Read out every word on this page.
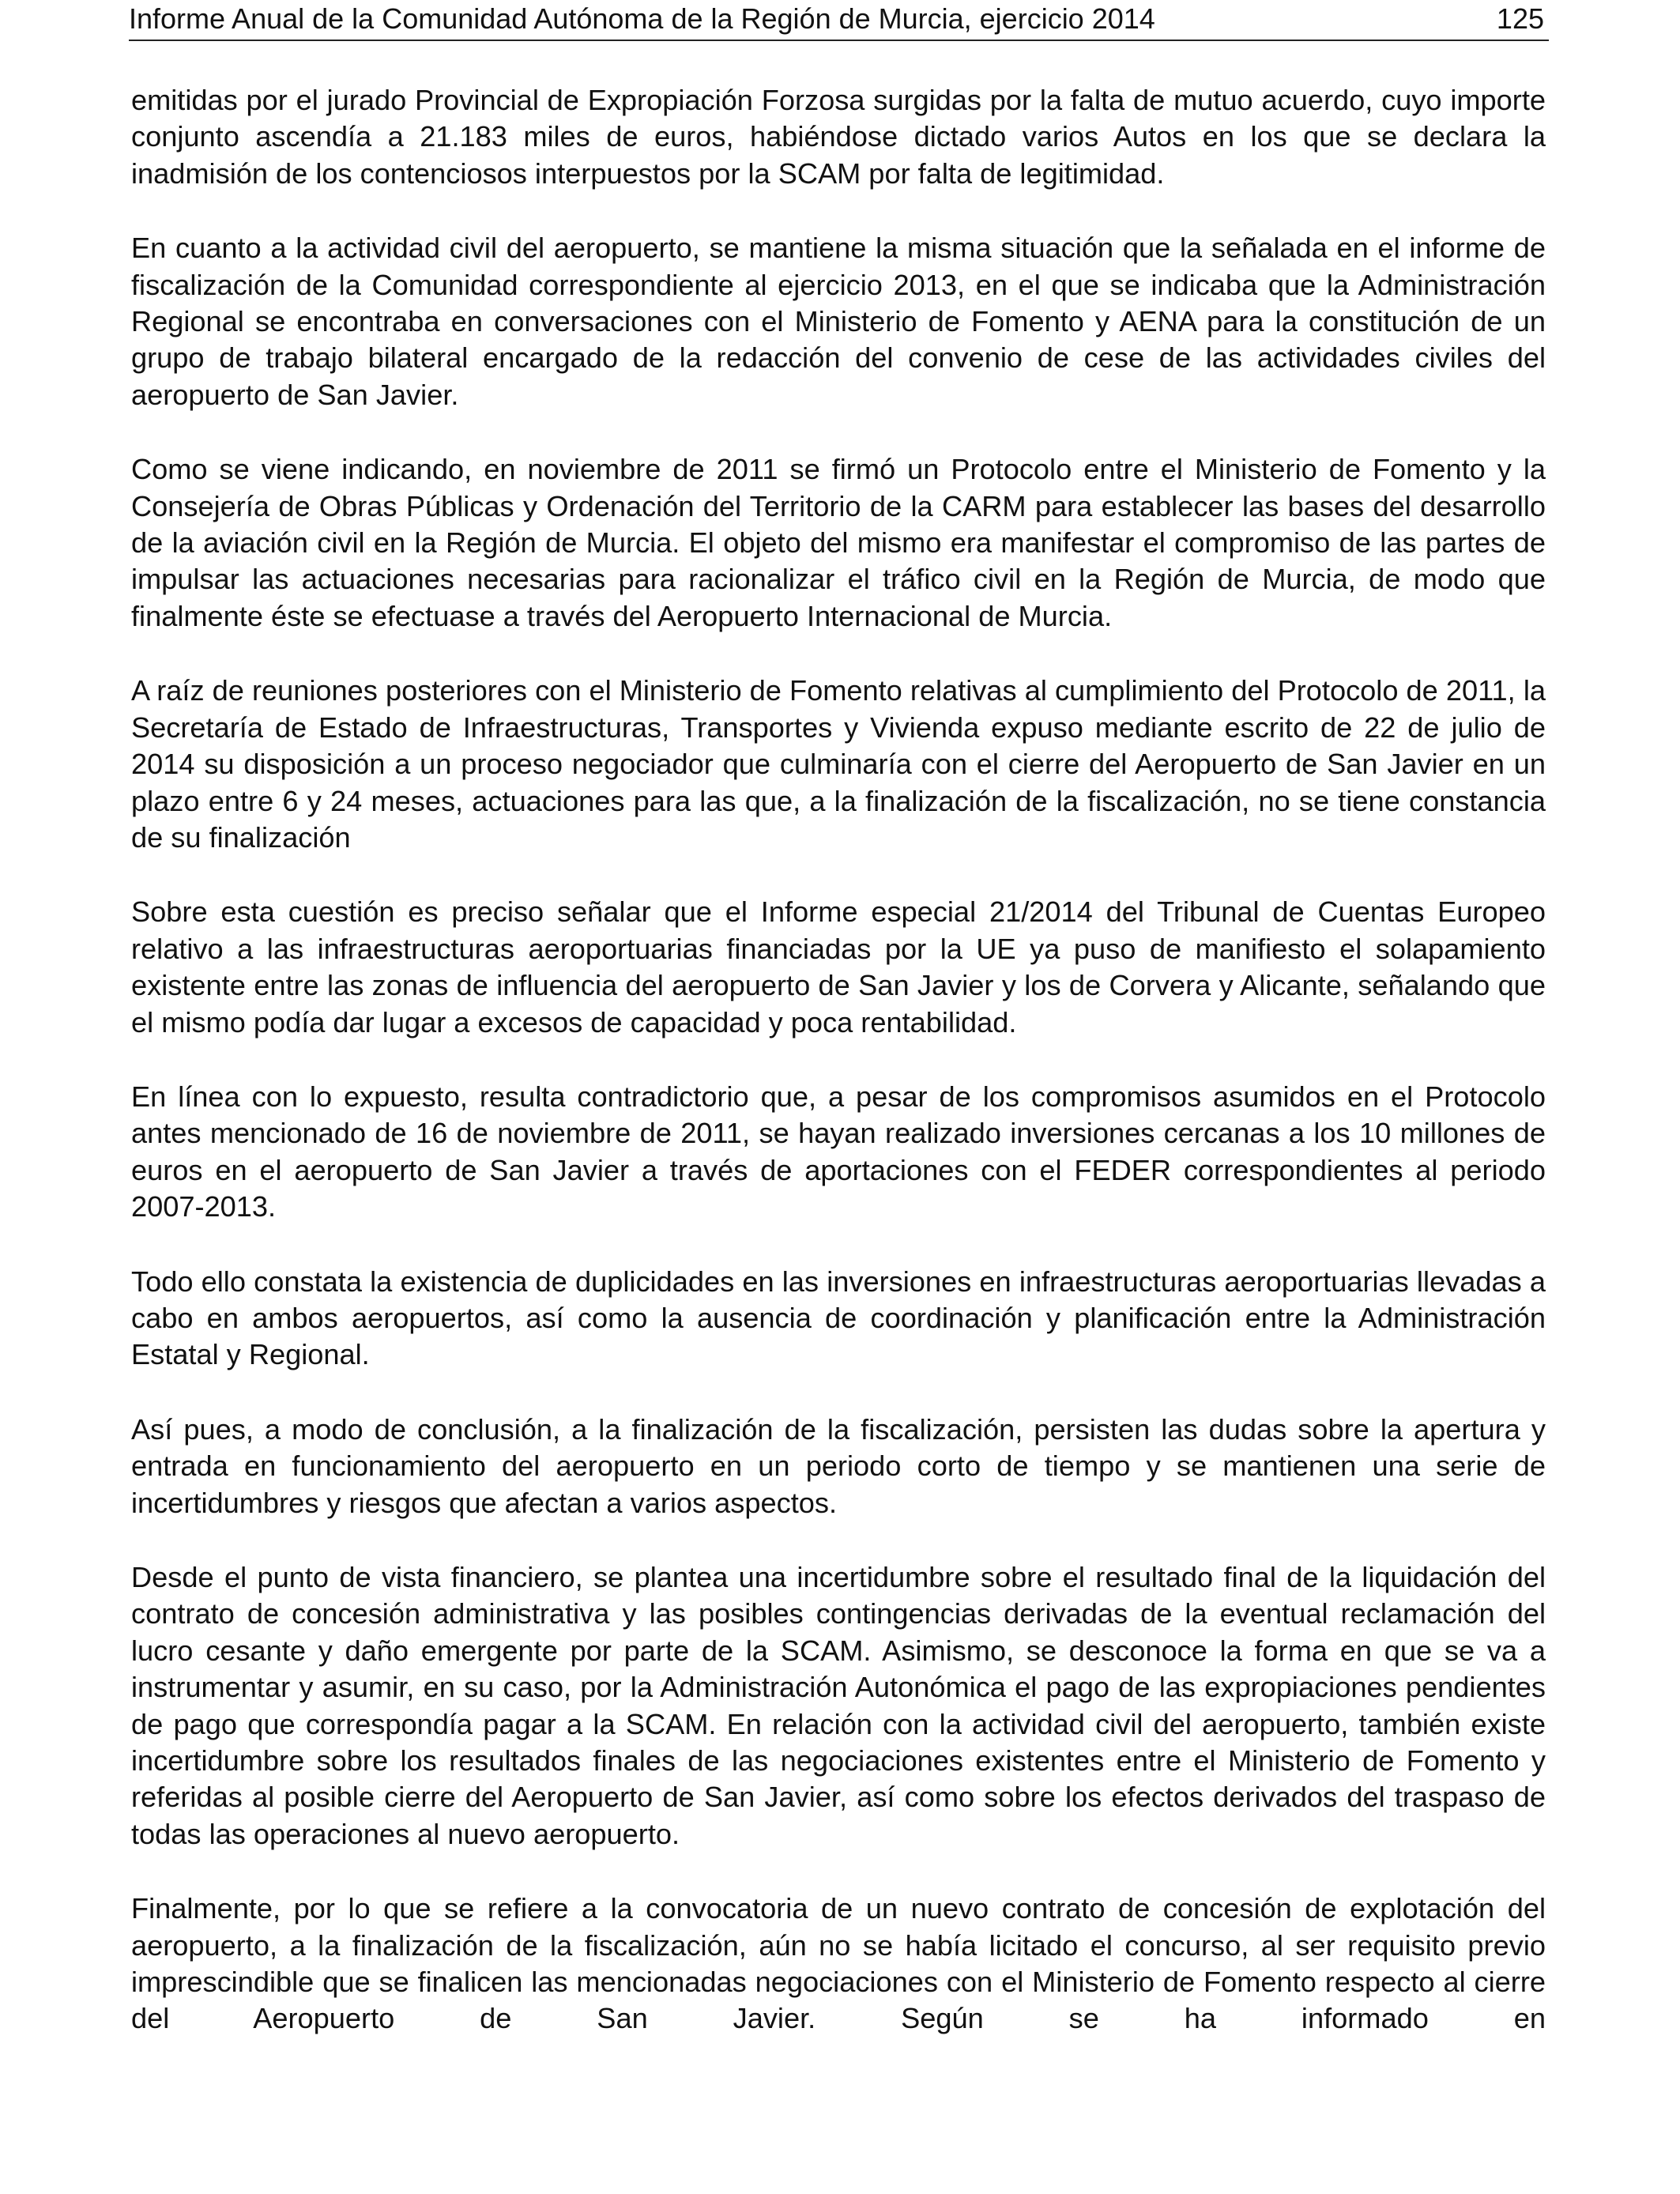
Informe Anual de la Comunidad Autónoma de la Región de Murcia, ejercicio 2014	125

emitidas por el jurado Provincial de Expropiación Forzosa surgidas por la falta de mutuo acuerdo, cuyo importe conjunto ascendía a 21.183 miles de euros, habiéndose dictado varios Autos en los que se declara la inadmisión de los contenciosos interpuestos por la SCAM por falta de legitimidad.

En cuanto a la actividad civil del aeropuerto, se mantiene la misma situación que la señalada en el informe de fiscalización de la Comunidad correspondiente al ejercicio 2013, en el que se indicaba que la Administración Regional se encontraba en conversaciones con el Ministerio de Fomento y AENA para la constitución de un grupo de trabajo bilateral encargado de la redacción del convenio de cese de las actividades civiles del aeropuerto de San Javier.

Como se viene indicando, en noviembre de 2011 se firmó un Protocolo entre el Ministerio de Fomento y la Consejería de Obras Públicas y Ordenación del Territorio de la CARM para establecer las bases del desarrollo de la aviación civil en la Región de Murcia. El objeto del mismo era manifestar el compromiso de las partes de impulsar las actuaciones necesarias para racionalizar el tráfico civil en la Región de Murcia, de modo que finalmente éste se efectuase a través del Aeropuerto Internacional de Murcia.

A raíz de reuniones posteriores con el Ministerio de Fomento relativas al cumplimiento del Protocolo de 2011, la Secretaría de Estado de Infraestructuras, Transportes y Vivienda expuso mediante escrito de 22 de julio de 2014 su disposición a un proceso negociador que culminaría con el cierre del Aeropuerto de San Javier en un plazo entre 6 y 24 meses, actuaciones para las que, a la finalización de la fiscalización, no se tiene constancia de su finalización

Sobre esta cuestión es preciso señalar que el Informe especial 21/2014 del Tribunal de Cuentas Europeo relativo a las infraestructuras aeroportuarias financiadas por la UE ya puso de manifiesto el solapamiento existente entre las zonas de influencia del aeropuerto de San Javier y los de Corvera y Alicante, señalando que el mismo podía dar lugar a excesos de capacidad y poca rentabilidad.

En línea con lo expuesto, resulta contradictorio que, a pesar de los compromisos asumidos en el Protocolo antes mencionado de 16 de noviembre de 2011, se hayan realizado inversiones cercanas a los 10 millones de euros en el aeropuerto de San Javier a través de aportaciones con el FEDER correspondientes al periodo 2007-2013.

Todo ello constata la existencia de duplicidades en las inversiones en infraestructuras aeroportuarias llevadas a cabo en ambos aeropuertos, así como la ausencia de coordinación y planificación entre la Administración Estatal y Regional.

Así pues, a modo de conclusión, a la finalización de la fiscalización, persisten las dudas sobre la apertura y entrada en funcionamiento del aeropuerto en un periodo corto de tiempo y se mantienen una serie de incertidumbres y riesgos que afectan a varios aspectos.

Desde el punto de vista financiero, se plantea una incertidumbre sobre el resultado final de la liquidación del contrato de concesión administrativa y las posibles contingencias derivadas de la eventual reclamación del lucro cesante y daño emergente por parte de la SCAM. Asimismo, se desconoce la forma en que se va a instrumentar y asumir, en su caso, por la Administración Autonómica el pago de las expropiaciones pendientes de pago que correspondía pagar a la SCAM. En relación con la actividad civil del aeropuerto, también existe incertidumbre sobre los resultados finales de las negociaciones existentes entre el Ministerio de Fomento y referidas al posible cierre del Aeropuerto de San Javier, así como sobre los efectos derivados del traspaso de todas las operaciones al nuevo aeropuerto.

Finalmente, por lo que se refiere a la convocatoria de un nuevo contrato de concesión de explotación del aeropuerto, a la finalización de la fiscalización, aún no se había licitado el concurso, al ser requisito previo imprescindible que se finalicen las mencionadas negociaciones con el Ministerio de Fomento respecto al cierre del Aeropuerto de San Javier. Según se ha informado en
